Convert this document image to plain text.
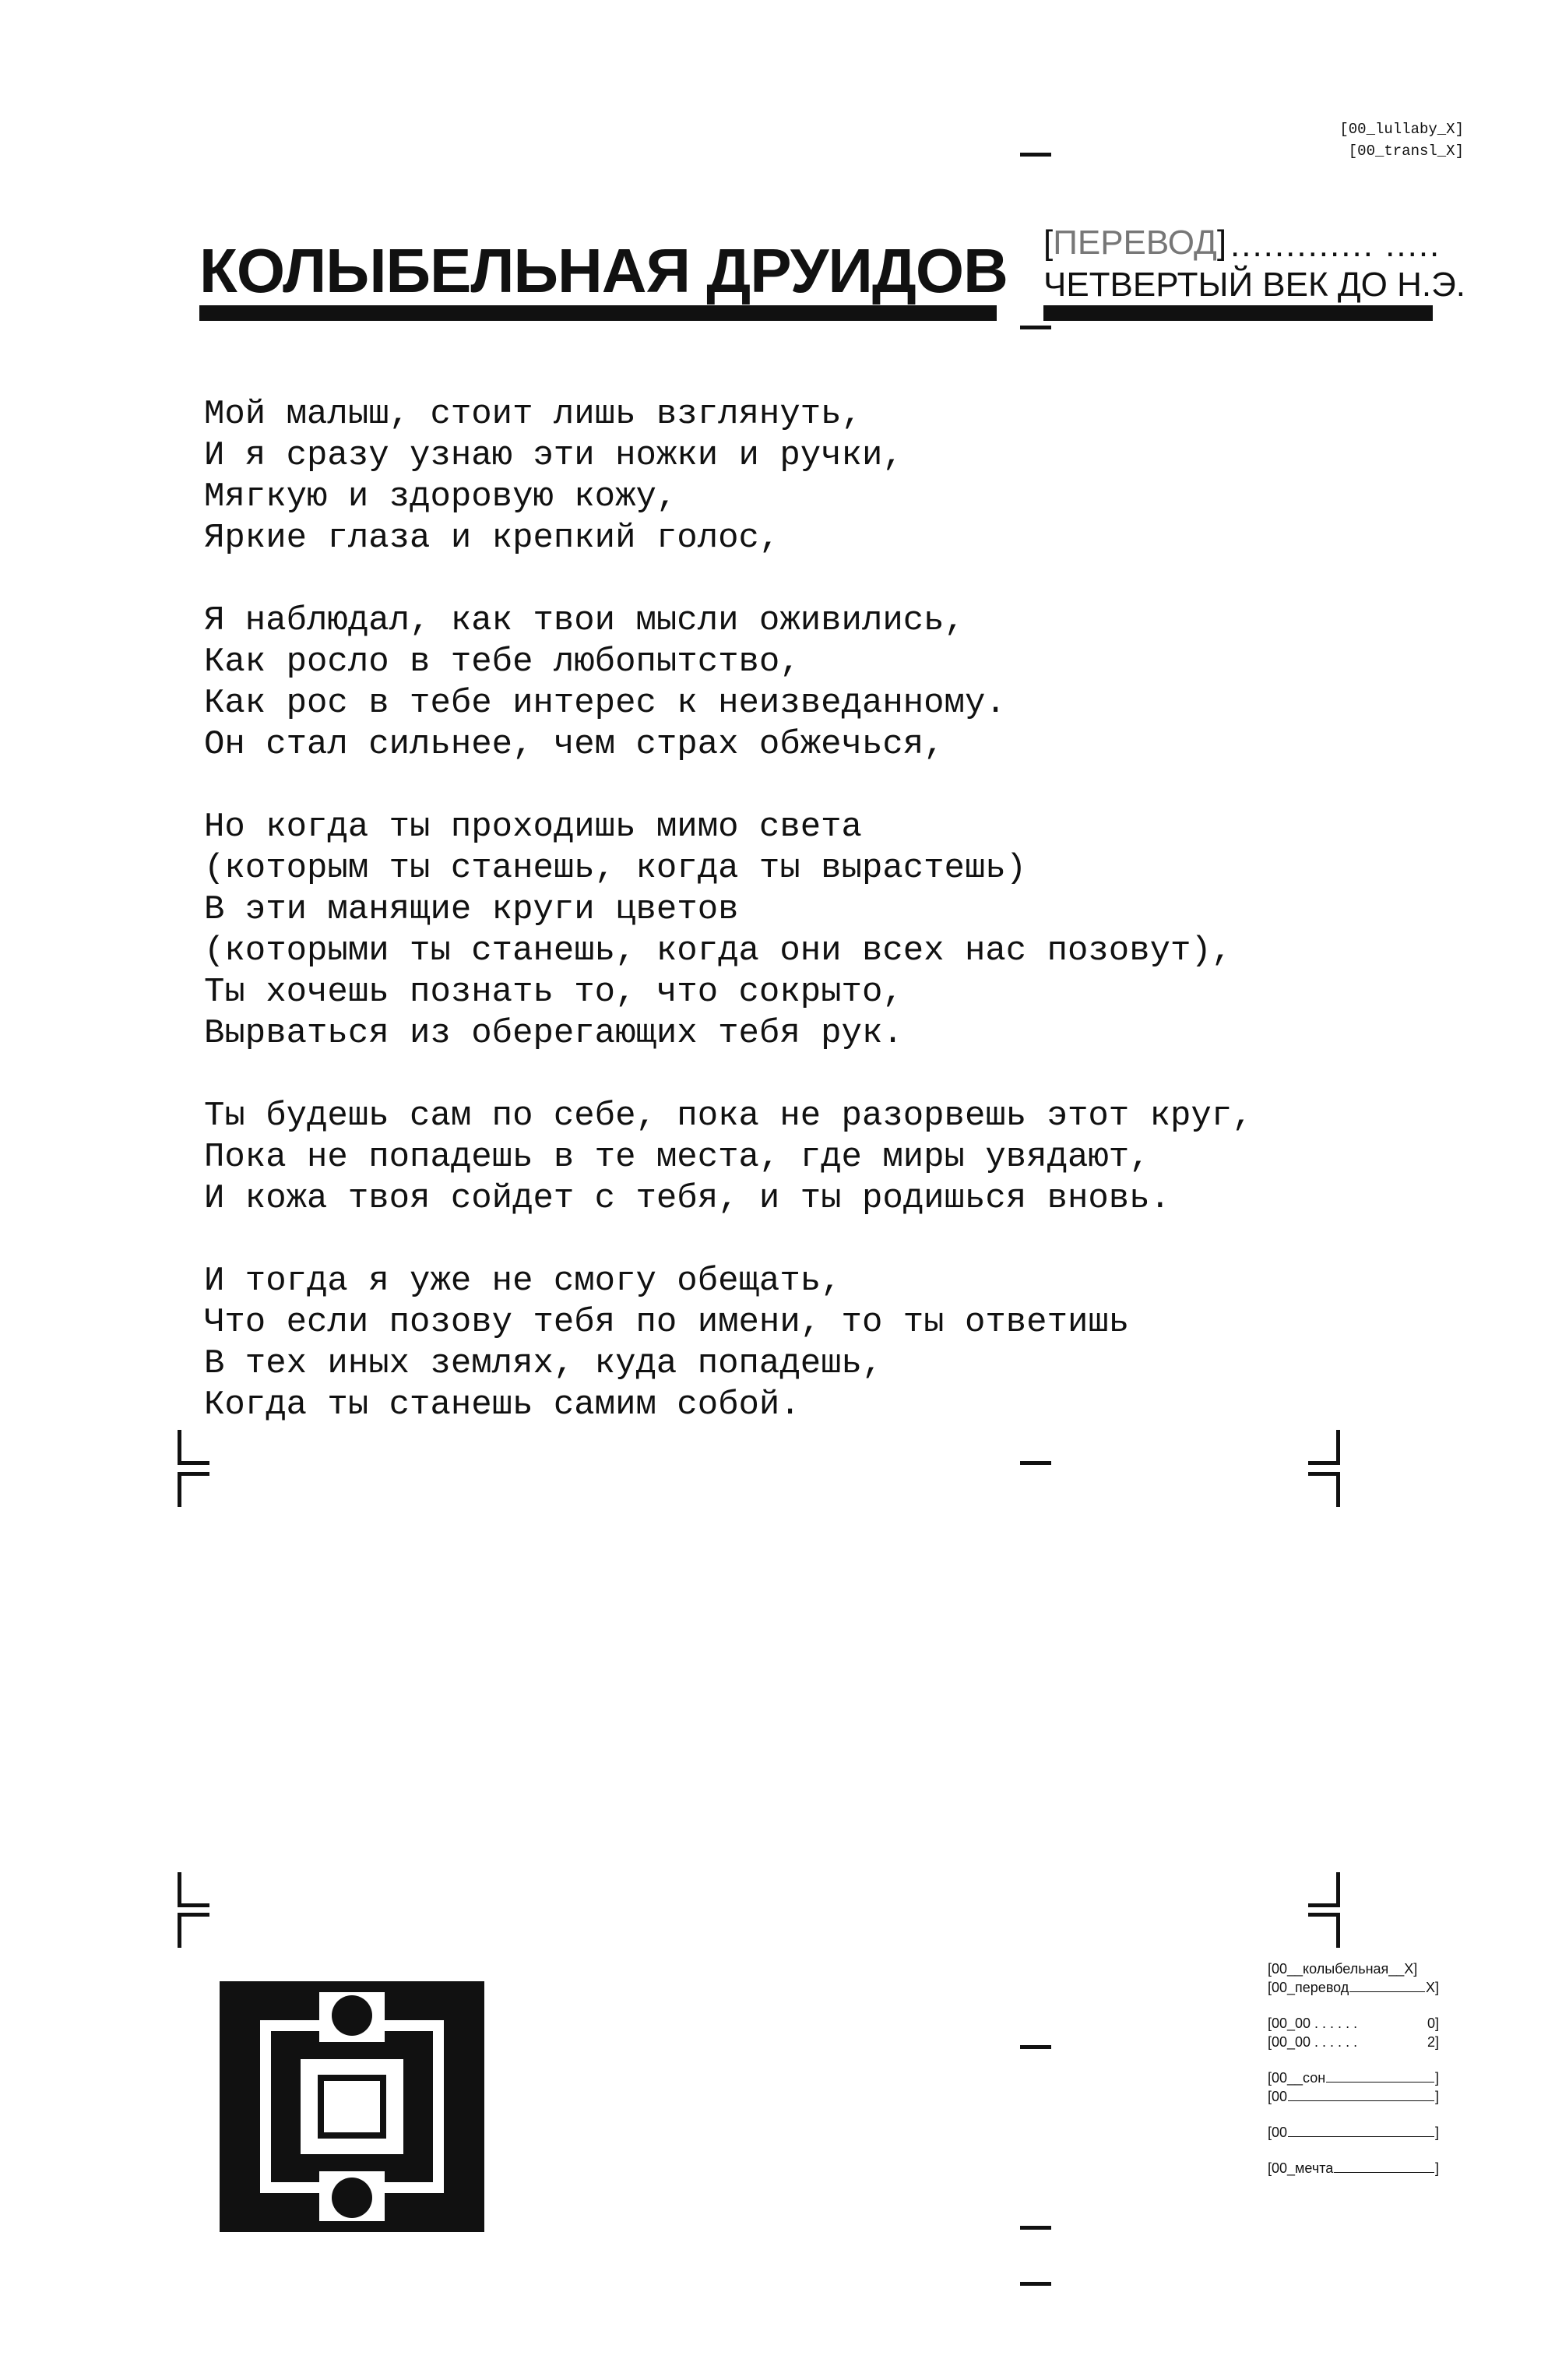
[00_lullaby_X]
[00_transl_X]
КОЛЫБЕЛЬНАЯ ДРУИДОВ [ПЕРЕВОД] ............. .....
ЧЕТВЕРТЫЙ ВЕК ДО Н.Э.
Мой малыш, стоит лишь взглянуть,
И я сразу узнаю эти ножки и ручки,
Мягкую и здоровую кожу,
Яркие глаза и крепкий голос,
Я наблюдал, как твои мысли оживились,
Как росло в тебе любопытство,
Как рос в тебе интерес к неизведанному.
Он стал сильнее, чем страх обжечься,
Но когда ты проходишь мимо света
(которым ты станешь, когда ты вырастешь)
В эти манящие круги цветов
(которыми ты станешь, когда они всех нас позовут),
Ты хочешь познать то, что сокрыто,
Вырваться из оберегающих тебя рук.
Ты будешь сам по себе, пока не разорвешь этот круг,
Пока не попадешь в те места, где миры увядают,
И кожа твоя сойдет с тебя, и ты родишься вновь.
И тогда я уже не смогу обещать,
Что если позову тебя по имени, то ты ответишь
В тех иных землях, куда попадешь,
Когда ты станешь самим собой.
[00__колыбельная__X]
[00_перевод	X]
[00_00 . . . . . .	0]
[00_00 . . . . . .	2]
[00__сон	]
[00	]
[00	]
[00_мечта	]
